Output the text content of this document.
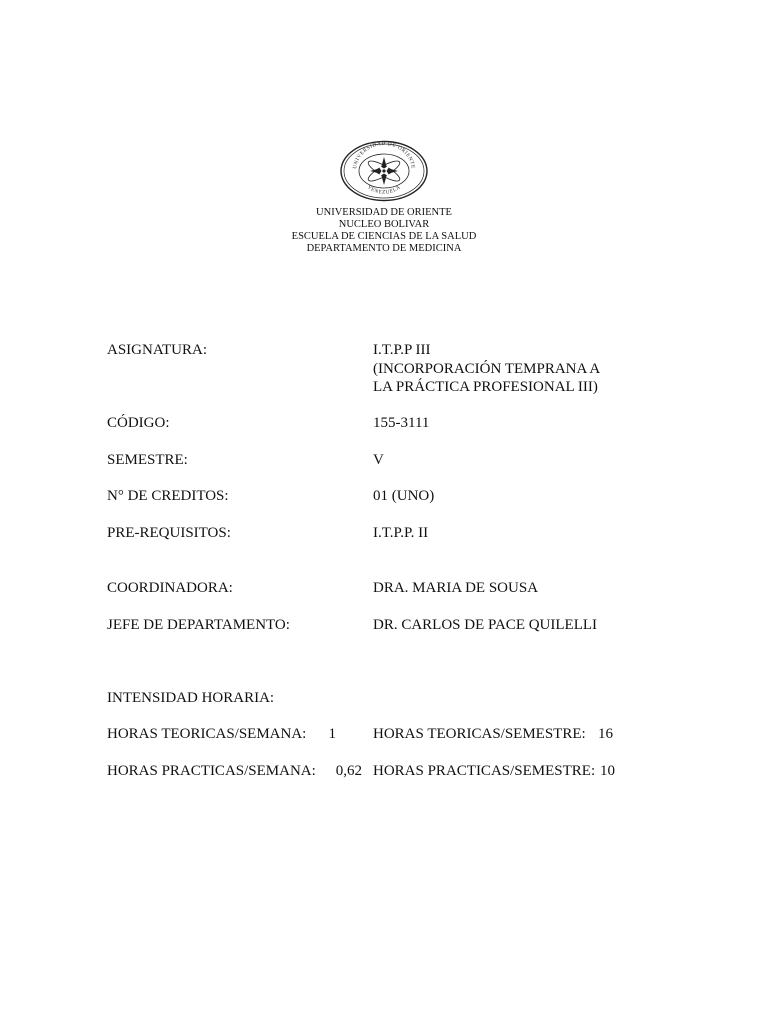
UNIVERSIDAD DE ORIENTE
VENEZUELA
UNIVERSIDAD DE ORIENTE
NUCLEO BOLIVAR
ESCUELA DE CIENCIAS DE LA SALUD
DEPARTAMENTO DE MEDICINA
ASIGNATURA:	I.T.P.P III
(INCORPORACIÓN TEMPRANA A
LA PRÁCTICA PROFESIONAL III)
CÓDIGO:	155-3111
SEMESTRE:	V
N° DE CREDITOS:	01 (UNO)
PRE-REQUISITOS:	I.T.P.P. II
COORDINADORA:	DRA. MARIA DE SOUSA
JEFE DE DEPARTAMENTO:	DR. CARLOS DE PACE QUILELLI
INTENSIDAD HORARIA:
HORAS TEORICAS/SEMANA:	1 HORAS TEORICAS/SEMESTRE: 16
HORAS PRACTICAS/SEMANA:	0,62 HORAS PRACTICAS/SEMESTRE: 10
